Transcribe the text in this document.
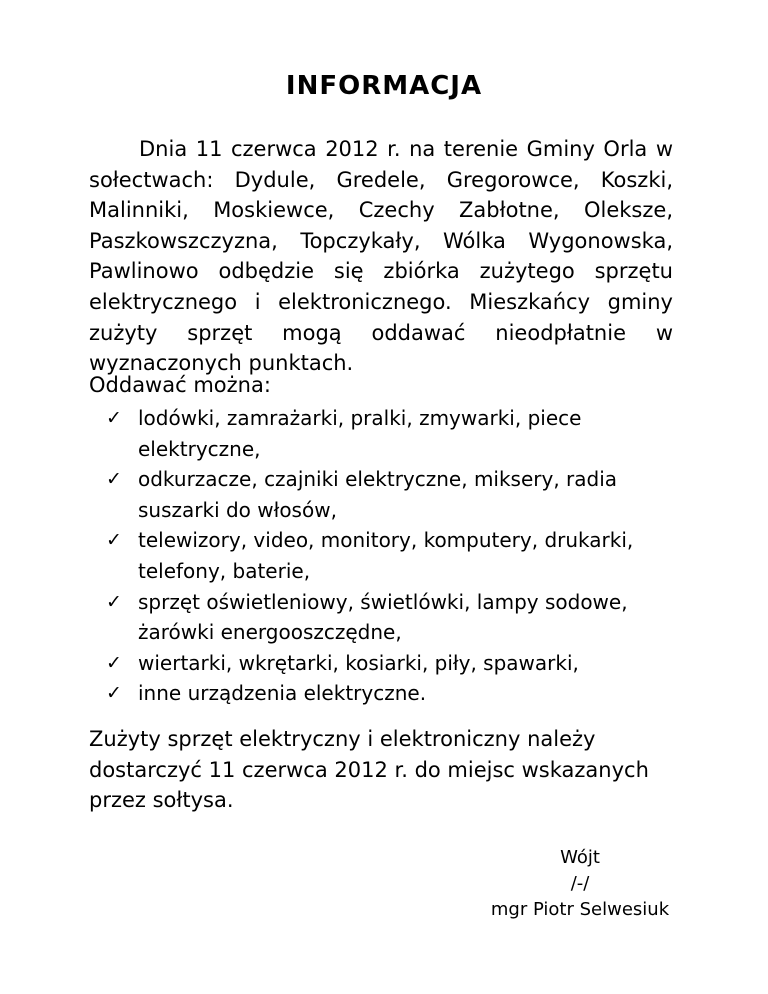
INFORMACJA
Dnia 11 czerwca 2012 r. na terenie Gminy Orla w sołectwach: Dydule, Gredele, Gregorowce, Koszki, Malinniki, Moskiewce, Czechy Zabłotne, Oleksze, Paszkowszczyzna, Topczykały, Wólka Wygonowska, Pawlinowo odbędzie się zbiórka zużytego sprzętu elektrycznego i elektronicznego. Mieszkańcy gminy zużyty sprzęt mogą oddawać nieodpłatnie w wyznaczonych punktach.
Oddawać można:
✓ lodówki, zamrażarki, pralki, zmywarki, piece elektryczne,
✓ odkurzacze, czajniki elektryczne, miksery, radia suszarki do włosów,
✓ telewizory, video, monitory, komputery, drukarki, telefony, baterie,
✓ sprzęt oświetleniowy, świetlówki, lampy sodowe, żarówki energooszczędne,
✓ wiertarki, wkrętarki, kosiarki, piły, spawarki,
✓ inne urządzenia elektryczne.
Zużyty sprzęt elektryczny i elektroniczny należy dostarczyć 11 czerwca 2012 r. do miejsc wskazanych przez sołtysa.
Wójt
/-/
mgr Piotr Selwesiuk
